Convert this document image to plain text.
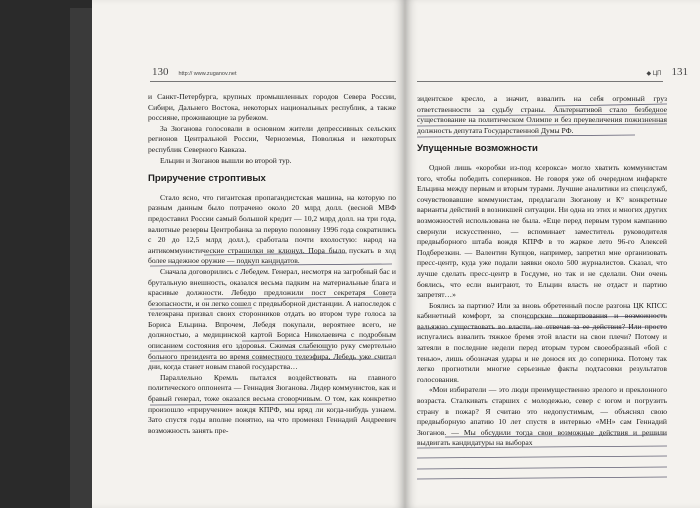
130 http:// www.zuganov.net

и Санкт-Петербурга, крупных промышленных городов Севера России, Сибири, Дальнего Востока, некоторых национальных республик, а также россияне, проживающие за рубежом.

За Зюганова голосовали в основном жители депрессивных сельских регионов Центральной России, Черноземья, Поволжья и некоторых республик Северного Кавказа.

Ельцин и Зюганов вышли во второй тур.

Приручение строптивых

Стало ясно, что гигантская пропагандистская машина, на которую по разным данным было потрачено около 20 млрд долл. (весной МВФ предоставил России самый большой кредит — 10,2 млрд долл. на три года, валютные резервы Центробанка за первую половину 1996 года сократились с 20 до 12,5 млрд долл.), сработала почти вхолостую: народ на антикоммунистические страшилки не клюнул. Пора было пускать в ход более надежное оружие — подкуп кандидатов.

Сначала договорились с Лебедем. Генерал, несмотря на загробный бас и брутальную внешность, оказался весьма падким на материальные блага и красивые должности. Лебедю предложили пост секретаря Совета безопасности, и он легко сошел с предвыборной дистанции. А напоследок с телеэкрана призвал своих сторонников отдать во втором туре голоса за Бориса Ельцина. Впрочем, Лебедя покупали, вероятнее всего, не должностью, а медицинской картой Бориса Николаевича с подробным описанием состояния его здоровья. Сжимая слабеющую руку смертельно больного президента во время совместного телеэфира, Лебедь уже считал дни, когда станет новым главой государства…

Параллельно Кремль пытался воздействовать на главного политического оппонента — Геннадия Зюганова. Лидер коммунистов, как и бравый генерал, тоже оказался весьма сговорчивым. О том, как конкретно произошло «приручение» вождя КПРФ, мы вряд ли когда-нибудь узнаем. Зато спустя годы вполне понятно, на что променял Геннадий Андреевич возможность занять пре-

◆ ЦП 131

зидентское кресло, а значит, взвалить на себя огромный груз ответственности за судьбу страны. Альтернативой стало безбедное существование на политическом Олимпе и без преувеличения пожизненная должность депутата Государственной Думы РФ.

Упущенные возможности

Одной лишь «коробки из-под ксерокса» могло хватить коммунистам того, чтобы победить соперников. Не говоря уже об очередном инфаркте Ельцина между первым и вторым турами. Лучшие аналитики из спецслужб, сочувствовавшие коммунистам, предлагали Зюганову и К° конкретные варианты действий в возникшей ситуации. Ни одна из этих и многих других возможностей использована не была. «Еще перед первым туром кампанию свернули искусственно, — вспоминает заместитель руководителя предвыборного штаба вождя КПРФ в то жаркое лето 96-го Алексей Подберезкин. — Валентин Купцов, например, запретил мне организовать пресс-центр, куда уже подали заявки около 500 журналистов. Сказал, что лучше сделать пресс-центр в Госдуме, но так и не сделали. Они очень боялись, что если выиграют, то Ельцин власть не отдаст и партию запретят…»

Боялись за партию? Или за вновь обретенный после разгона ЦК КПСС кабинетный комфорт, за спонсорские пожертвования и возможность вальяжно существовать во власти, не отвечая за ее действия? Или просто испугались взвалить тяжкое бремя этой власти на свои плечи? Потому и затеяли в последние недели перед вторым туром своеобразный «бой с тенью», лишь обозначая удары и не донося их до соперника. Потому так легко прогнотили многие серьезные факты подтасовки результатов голосования.

«Мои избиратели — это люди преимущественно зрелого и преклонного возраста. Сталкивать старших с молодежью, север с югом и погрузить страну в пожар? Я считаю это недопустимым, — объяснял свою предвыборную апатию 10 лет спустя в интервью «МН» сам Геннадий Зюганов. — Мы обсудили тогда свои возможные действия и решили выдвигать кандидатуры на выборах
